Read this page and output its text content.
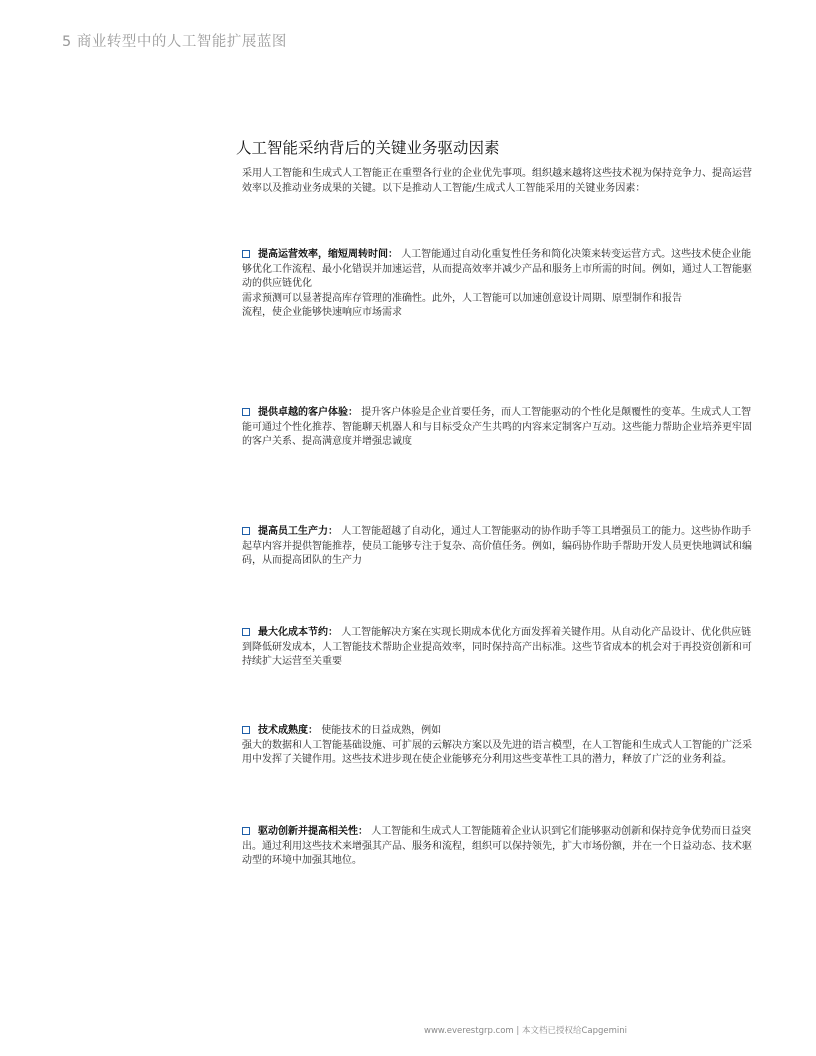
5 商业转型中的人工智能扩展蓝图
人工智能采纳背后的关键业务驱动因素

采用人工智能和生成式人工智能正在重塑各行业的企业优先事项。组织越来越将这些技术视为保持竞争力、提高运营效率以及推动业务成果的关键。以下是推动人工智能/生成式人工智能采用的关键业务因素：

提高运营效率，缩短周转时间： 人工智能通过自动化重复性任务和简化决策来转变运营方式。这些技术使企业能够优化工作流程、最小化错误并加速运营，从而提高效率并减少产品和服务上市所需的时间。例如，通过人工智能驱动的供应链优化

需求预测可以显著提高库存管理的准确性。此外，人工智能可以加速创意设计周期、原型制作和报告

流程，使企业能够快速响应市场需求

提供卓越的客户体验： 提升客户体验是企业首要任务，而人工智能驱动的个性化是颠覆性的变革。生成式人工智能可通过个性化推荐、智能聊天机器人和与目标受众产生共鸣的内容来定制客户互动。这些能力帮助企业培养更牢固的客户关系、提高满意度并增强忠诚度

提高员工生产力： 人工智能超越了自动化，通过人工智能驱动的协作助手等工具增强员工的能力。这些协作助手起草内容并提供智能推荐，使员工能够专注于复杂、高价值任务。例如，编码协作助手帮助开发人员更快地调试和编码，从而提高团队的生产力

最大化成本节约： 人工智能解决方案在实现长期成本优化方面发挥着关键作用。从自动化产品设计、优化供应链到降低研发成本，人工智能技术帮助企业提高效率，同时保持高产出标准。这些节省成本的机会对于再投资创新和可持续扩大运营至关重要

技术成熟度： 使能技术的日益成熟，例如

强大的数据和人工智能基础设施、可扩展的云解决方案以及先进的语言模型，在人工智能和生成式人工智能的广泛采用中发挥了关键作用。这些技术进步现在使企业能够充分利用这些变革性工具的潜力，释放了广泛的业务利益。

驱动创新并提高相关性： 人工智能和生成式人工智能随着企业认识到它们能够驱动创新和保持竞争优势而日益突出。通过利用这些技术来增强其产品、服务和流程，组织可以保持领先，扩大市场份额，并在一个日益动态、技术驱动型的环境中加强其地位。

www.everestgrp.com | 本文档已授权给Capgemini
